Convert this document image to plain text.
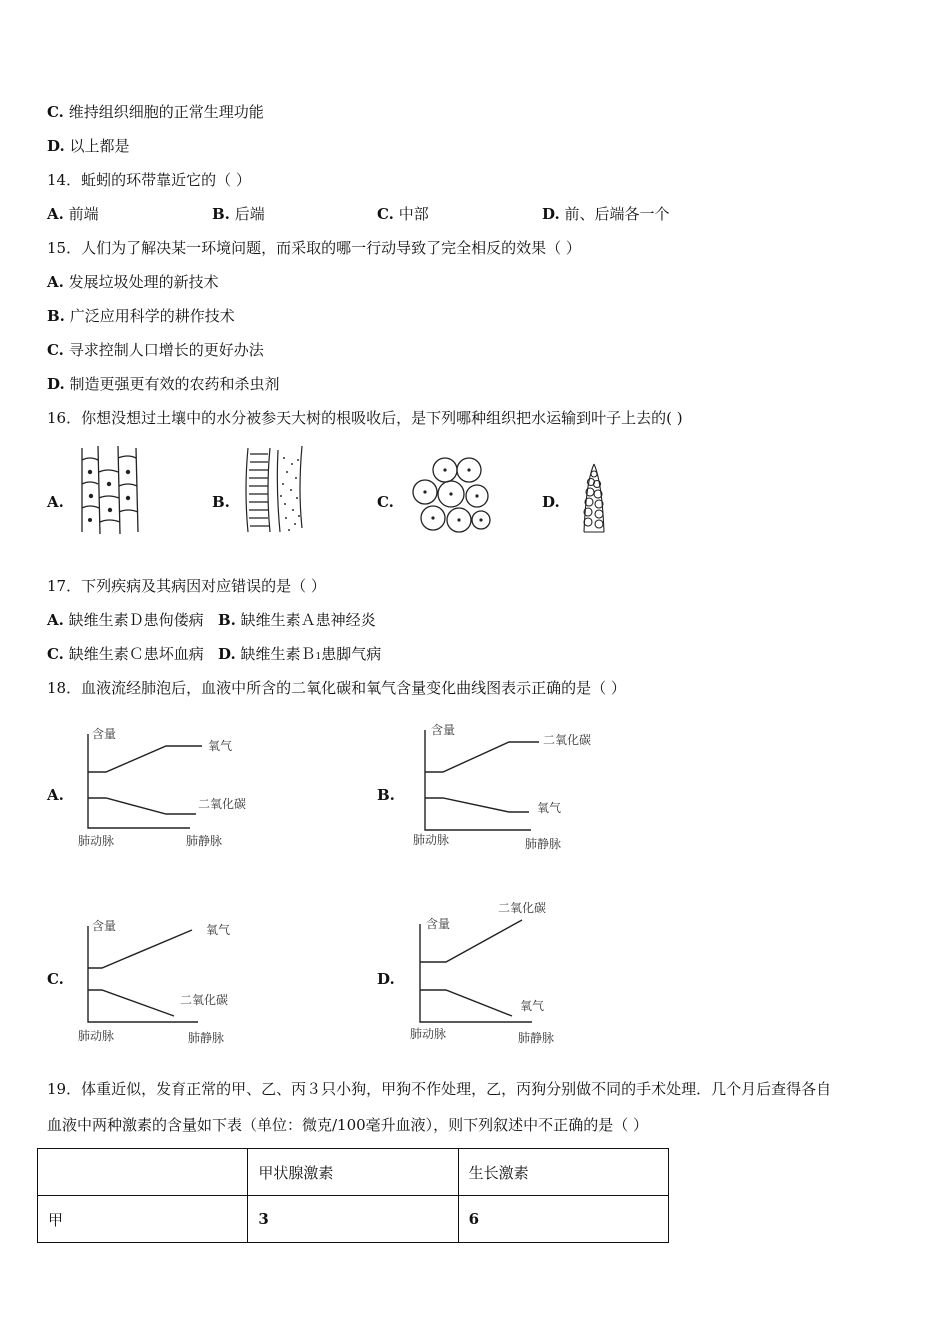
C. 维持组织细胞的正常生理功能
D. 以上都是
14．蚯蚓的环带靠近它的（ ）
A. 前端	B. 后端	C. 中部	D. 前、后端各一个
15．人们为了解决某一环境问题，而采取的哪一行动导致了完全相反的效果（ ）
A. 发展垃圾处理的新技术
B. 广泛应用科学的耕作技术
C. 寻求控制人口增长的更好办法
D. 制造更强更有效的农药和杀虫剂
16．你想没想过土壤中的水分被参天大树的根吸收后，是下列哪种组织把水运输到叶子上去的( )
A.	B.	C.	D.
17．下列疾病及其病因对应错误的是（ ）
A. 缺维生素Ｄ患佝偻病 B. 缺维生素Ａ患神经炎
C. 缺维生素Ｃ患坏血病 D. 缺维生素Ｂ1患脚气病
18．血液流经肺泡后，血液中所含的二氧化碳和氧气含量变化曲线图表示正确的是（ ）
A.
含量
氧气
二氧化碳
肺动脉	肺静脉
B.
含量
二氧化碳
氧气
肺动脉	肺静脉
C.
含量	氧气
二氧化碳
肺动脉	肺静脉
D.
含量
二氧化碳
氧气
肺动脉	肺静脉
19．体重近似，发育正常的甲、乙、丙３只小狗，甲狗不作处理，乙，丙狗分别做不同的手术处理．几个月后查得各自
血液中两种激素的含量如下表（单位：微克/100毫升血液），则下列叙述中不正确的是（ ）
	甲状腺激素	生长激素
甲	3	6
